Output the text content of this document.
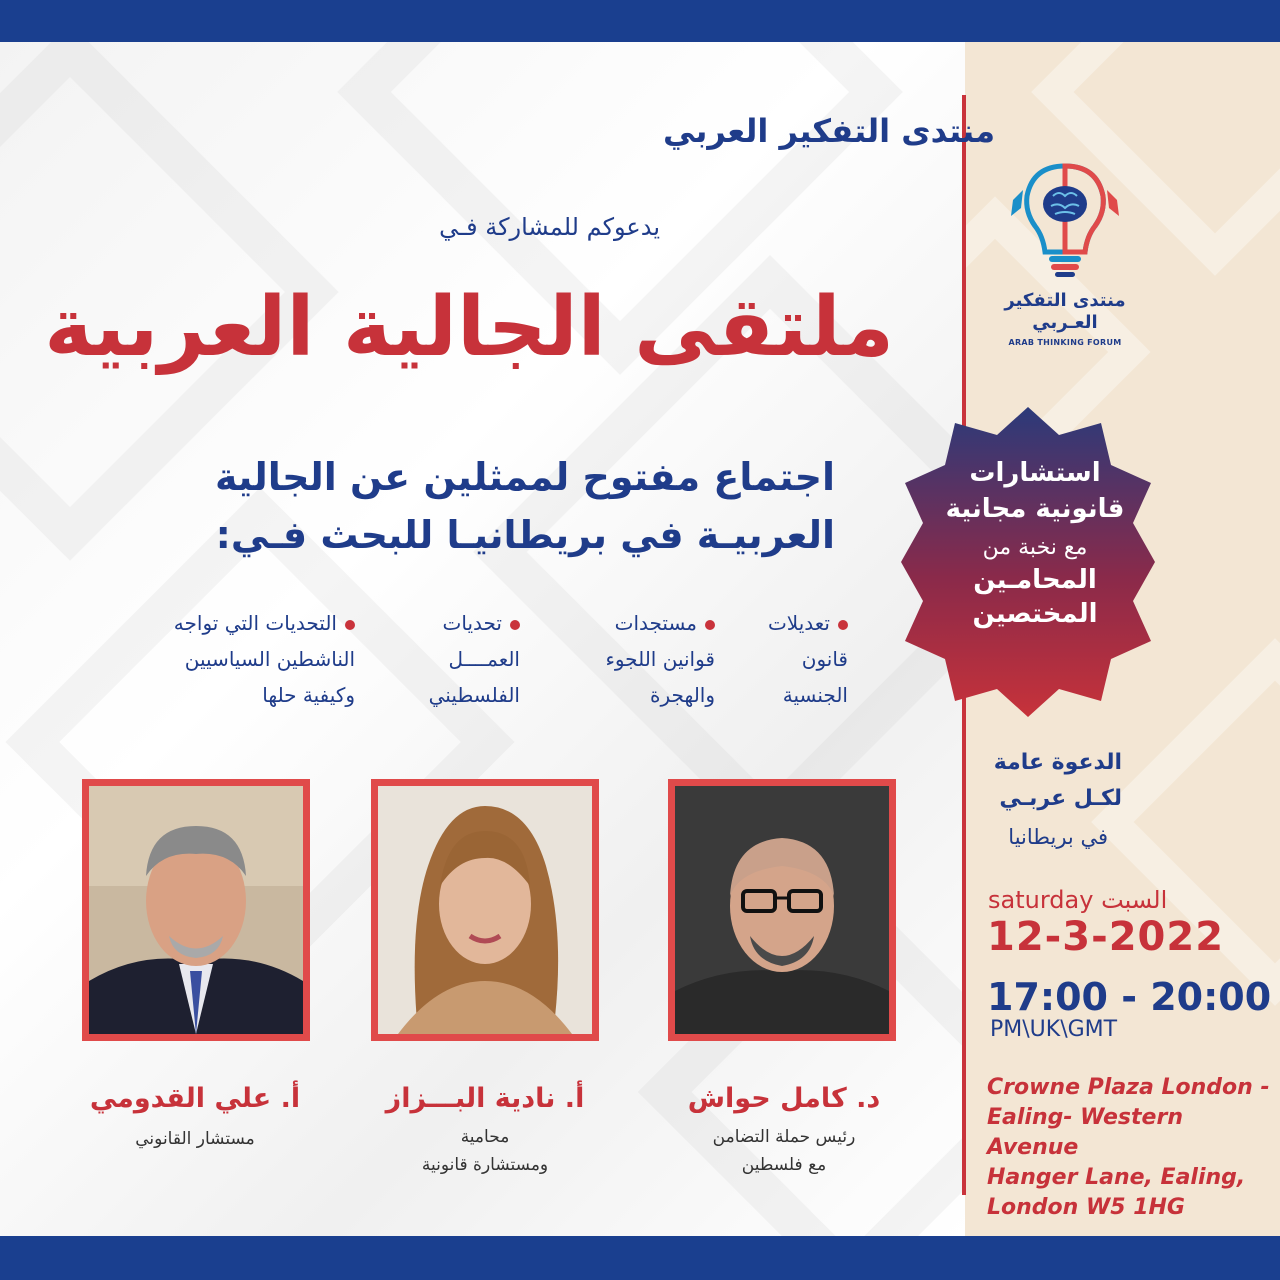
منتدى التفكير العربي
يدعوكم للمشاركة فـي
ملتقى الجالية العربية
اجتماع مفتوح لممثلين عن الجالية
العربيـة في بريطانيـا للبحث فـي:
تعديلات
قانون
الجنسية
مستجدات
قوانين اللجوء
والهجرة
تحديات
العمــــل
الفلسطيني
التحديات التي تواجه
الناشطين السياسيين
وكيفية حلها
د. كامل حواش
رئيس حملة التضامن
مع فلسطين
أ. نادية البـــزاز
محامية
ومستشارة قانونية
أ. علي القدومي
مستشار القانوني
منتدى التفكير
العـربي
ARAB THINKING FORUM
استشارات
قانونية مجانية
مع نخبة من
المحامـين
المختصين
الدعوة عامة
لكـل عربـي
في بريطانيا
saturday السبت
12-3-2022
17:00 - 20:00
PM\UK\GMT
Crowne Plaza London -
Ealing- Western Avenue
Hanger Lane, Ealing,
London W5 1HG
